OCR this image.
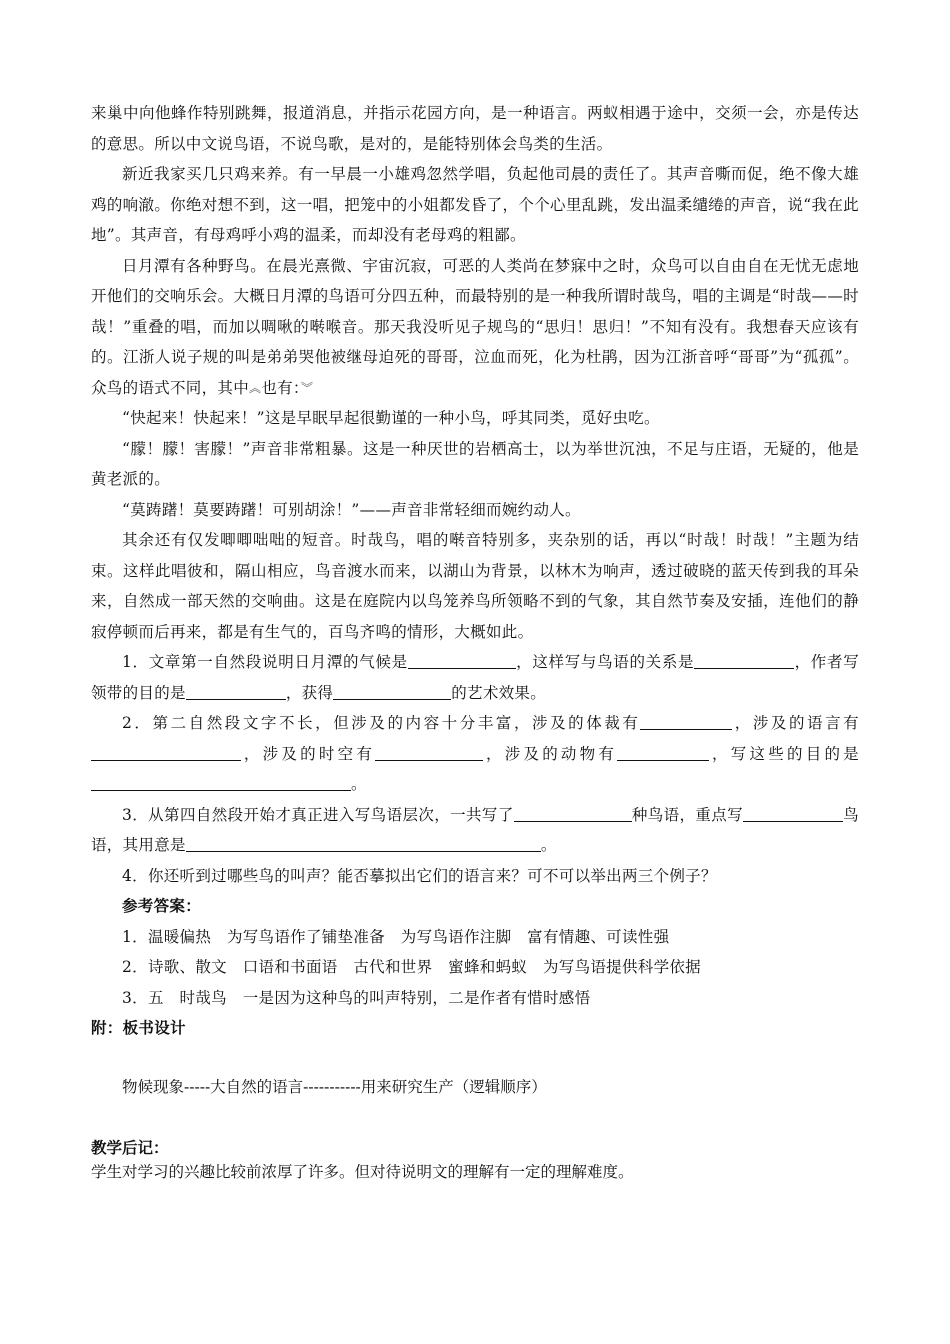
来巢中向他蜂作特别跳舞，报道消息，并指示花园方向，是一种语言。两蚁相遇于途中，交须一会，亦是传达的意思。所以中文说鸟语，不说鸟歌，是对的，是能特别体会鸟类的生活。

新近我家买几只鸡来养。有一早晨一小雄鸡忽然学唱，负起他司晨的责任了。其声音嘶而促，绝不像大雄鸡的响澈。你绝对想不到，这一唱，把笼中的小姐都发昏了，个个心里乱跳，发出温柔缱绻的声音，说“我在此地”。其声音，有母鸡呼小鸡的温柔，而却没有老母鸡的粗鄙。

日月潭有各种野鸟。在晨光熹微、宇宙沉寂，可恶的人类尚在梦寐中之时，众鸟可以自由自在无忧无虑地开他们的交响乐会。大概日月潭的鸟语可分四五种，而最特别的是一种我所谓时哉鸟，唱的主调是“时哉——时哉！”重叠的唱，而加以啁啾的啭喉音。那天我没听见子规鸟的“思归！思归！”不知有没有。我想春天应该有的。江浙人说子规的叫是弟弟哭他被继母迫死的哥哥，泣血而死，化为杜鹃，因为江浙音呼“哥哥”为“孤孤”。众鸟的语式不同，其中︽也有：︾

“快起来！快起来！”这是早眠早起很勤谨的一种小鸟，呼其同类，觅好虫吃。

“朦！朦！害朦！”声音非常粗暴。这是一种厌世的岩栖高士，以为举世沉浊，不足与庄语，无疑的，他是黄老派的。

“莫踌躇！莫要踌躇！可别胡涂！”——声音非常轻细而婉约动人。

其余还有仅发唧唧咄咄的短音。时哉鸟，唱的啭音特别多，夹杂别的话，再以“时哉！时哉！”主题为结束。这样此唱彼和，隔山相应，鸟音渡水而来，以湖山为背景，以林木为响声，透过破晓的蓝天传到我的耳朵来，自然成一部天然的交响曲。这是在庭院内以鸟笼养鸟所领略不到的气象，其自然节奏及安插，连他们的静寂停顿而后再来，都是有生气的，百鸟齐鸣的情形，大概如此。

1．文章第一自然段说明日月潭的气候是	，这样写与鸟语的关系是	，作者写领带的目的是	，获得	的艺术效果。

2．第二自然段文字不长，但涉及的内容十分丰富，涉及的体裁有	，涉及的语言有，涉及的时空有	，涉及的动物有	，写这些的目的是。

3．从第四自然段开始才真正进入写鸟语层次，一共写了	种鸟语，重点写	鸟语，其用意是	。

4．你还听到过哪些鸟的叫声？能否摹拟出它们的语言来？可不可以举出两三个例子？

参考答案：

1．温暖偏热　为写鸟语作了铺垫准备　为写鸟语作注脚　富有情趣、可读性强

2．诗歌、散文　口语和书面语　古代和世界　蜜蜂和蚂蚁　为写鸟语提供科学依据

3．五　时哉鸟　一是因为这种鸟的叫声特别，二是作者有惜时感悟

附：板书设计

物候现象-----大自然的语言-----------用来研究生产（逻辑顺序）

教学后记：

学生对学习的兴趣比较前浓厚了许多。但对待说明文的理解有一定的理解难度。
